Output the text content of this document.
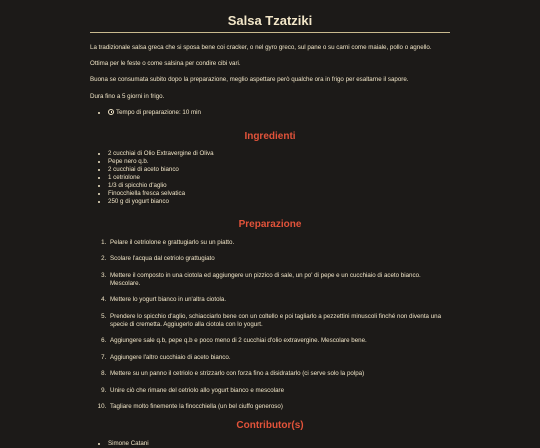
Salsa Tzatziki

La tradizionale salsa greca che si sposa bene coi cracker, o nel gyro greco, sul pane o su carni come maiale, pollo o agnello.

Ottima per le feste o come salsina per condire cibi vari.

Buona se consumata subito dopo la preparazione, meglio aspettare però qualche ora in frigo per esaltarne il sapore.

Dura fino a 5 giorni in frigo.

• Tempo di preparazione: 10 min
Ingredienti
• 2 cucchiai di Olio Extravergine di Oliva
• Pepe nero q.b.
• 2 cucchiai di aceto bianco
• 1 cetriolone
• 1/3 di spicchio d'aglio
• Finocchiella fresca selvatica
• 250 g di yogurt bianco
Preparazione
1. Pelare il cetriolone e grattugiarlo su un piatto.
2. Scolare l'acqua dal cetriolo grattugiato
3. Mettere il composto in una ciotola ed aggiungere un pizzico di sale, un po' di pepe e un cucchiaio di aceto bianco. Mescolare.
4. Mettere lo yogurt bianco in un'altra ciotola.
5. Prendere lo spicchio d'aglio, schiacciarlo bene con un coltello e poi tagliarlo a pezzettini minuscoli finché non diventa una specie di cremetta. Aggiugerlo alla ciotola con lo yogurt.
6. Aggiungere sale q.b, pepe q.b e poco meno di 2 cucchiai d'olio extravergine. Mescolare bene.
7. Aggiungere l'altro cucchiaio di aceto bianco.
8. Mettere su un panno il cetriolo e strizzarlo con forza fino a disidratarlo (ci serve solo la polpa)
9. Unire ciò che rimane del cetriolo allo yogurt bianco e mescolare
10. Tagliare molto finemente la finocchiella (un bel ciuffo generoso)
Contributor(s)
• Simone Catani
